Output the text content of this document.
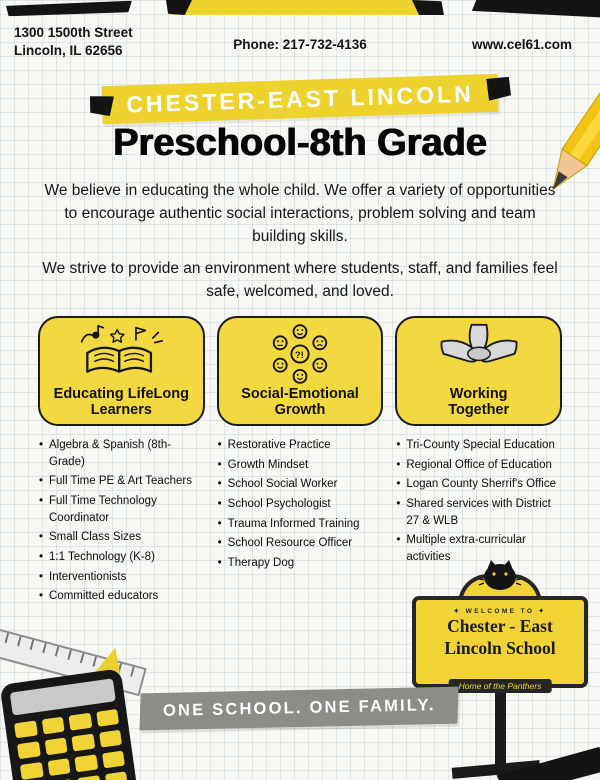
1300 1500th Street
Lincoln, IL 62656	Phone: 217-732-4136	www.cel61.com
CHESTER-EAST LINCOLN
Preschool-8th Grade
We believe in educating the whole child. We offer a variety of opportunities to encourage authentic social interactions, problem solving and team building skills.
We strive to provide an environment where students, staff, and families feel safe, welcomed, and loved.
Educating LifeLong Learners
?!
Social-Emotional Growth
Working Together
• Algebra & Spanish (8th-Grade)
• Full Time PE & Art Teachers
• Full Time Technology Coordinator
• Small Class Sizes
• 1:1 Technology (K-8)
• Interventionists
• Committed educators
• Restorative Practice
• Growth Mindset
• School Social Worker
• School Psychologist
• Trauma Informed Training
• School Resource Officer
• Therapy Dog
• Tri-County Special Education
• Regional Office of Education
• Logan County Sherrif's Office
• Shared services with District 27 & WLB
• Multiple extra-curricular activities
✦ WELCOME TO ✦
Chester - East
Lincoln School
Home of the Panthers
ONE SCHOOL. ONE FAMILY.
